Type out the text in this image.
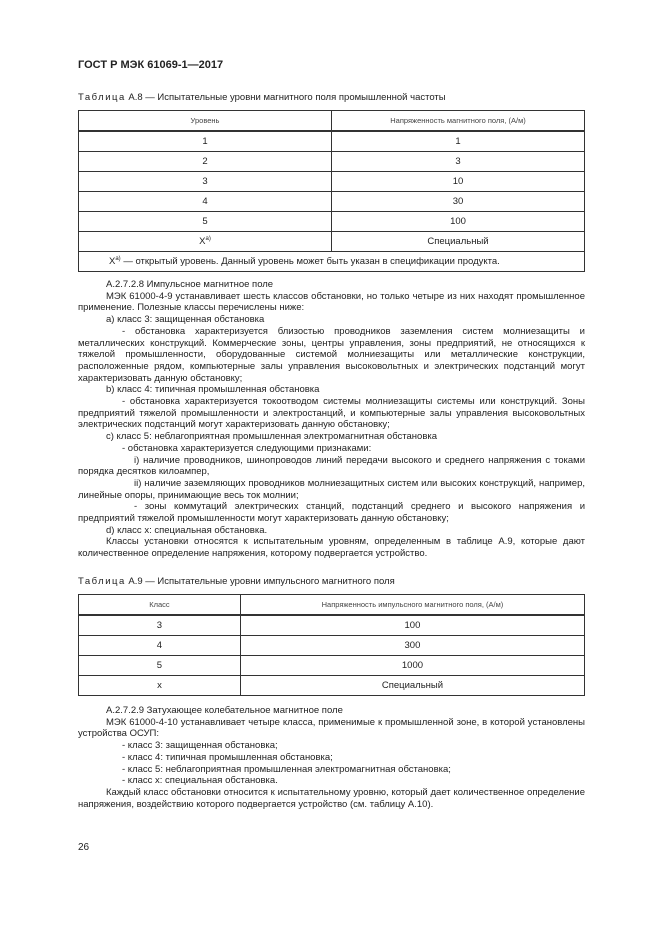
ГОСТ Р МЭК 61069-1—2017
Таблица А.8 — Испытательные уровни магнитного поля промышленной частоты
Уровень	Напряженность магнитного поля, (А/м)
1	1
2	3
3	10
4	30
5	100
$X^{a)}$	Специальный
$X^{a)}$ — открытый уровень. Данный уровень может быть указан в спецификации продукта.	

А.2.7.2.8 Импульсное магнитное поле

МЭК 61000-4-9 устанавливает шесть классов обстановки, но только четыре из них находят промышленное применение. Полезные классы перечислены ниже:

a) класс 3: защищенная обстановка

- обстановка характеризуется близостью проводников заземления систем молниезащиты и металлических конструкций. Коммерческие зоны, центры управления, зоны предприятий, не относящихся к тяжелой промышленности, оборудованные системой молниезащиты или металлические конструкции, расположенные рядом, компьютерные залы управления высоковольтных и электрических подстанций могут характеризовать данную обстановку;

b) класс 4: типичная промышленная обстановка

- обстановка характеризуется токоотводом системы молниезащиты системы или конструкций. Зоны предприятий тяжелой промышленности и электростанций, и компьютерные залы управления высоковольтных электрических подстанций могут характеризовать данную обстановку;

c) класс 5: неблагоприятная промышленная электромагнитная обстановка

- обстановка характеризуется следующими признаками:

i) наличие проводников, шинопроводов линий передачи высокого и среднего напряжения с токами порядка десятков килоампер,

ii) наличие заземляющих проводников молниезащитных систем или высоких конструкций, например, линейные опоры, принимающие весь ток молнии;

- зоны коммутаций электрических станций, подстанций среднего и высокого напряжения и предприятий тяжелой промышленности могут характеризовать данную обстановку;

d) класс x: специальная обстановка.

Классы установки относятся к испытательным уровням, определенным в таблице А.9, которые дают количественное определение напряжения, которому подвергается устройство.

Таблица А.9 — Испытательные уровни импульсного магнитного поля
Класс	Напряженность импульсного магнитного поля, (А/м)
3	100
4	300
5	1000
x	Специальный

А.2.7.2.9 Затухающее колебательное магнитное поле

МЭК 61000-4-10 устанавливает четыре класса, применимые к промышленной зоне, в которой установлены устройства ОСУП:

- класс 3: защищенная обстановка;

- класс 4: типичная промышленная обстановка;

- класс 5: неблагоприятная промышленная электромагнитная обстановка;

- класс x: специальная обстановка.

Каждый класс обстановки относится к испытательному уровню, который дает количественное определение напряжения, воздействию которого подвергается устройство (см. таблицу А.10).

26
